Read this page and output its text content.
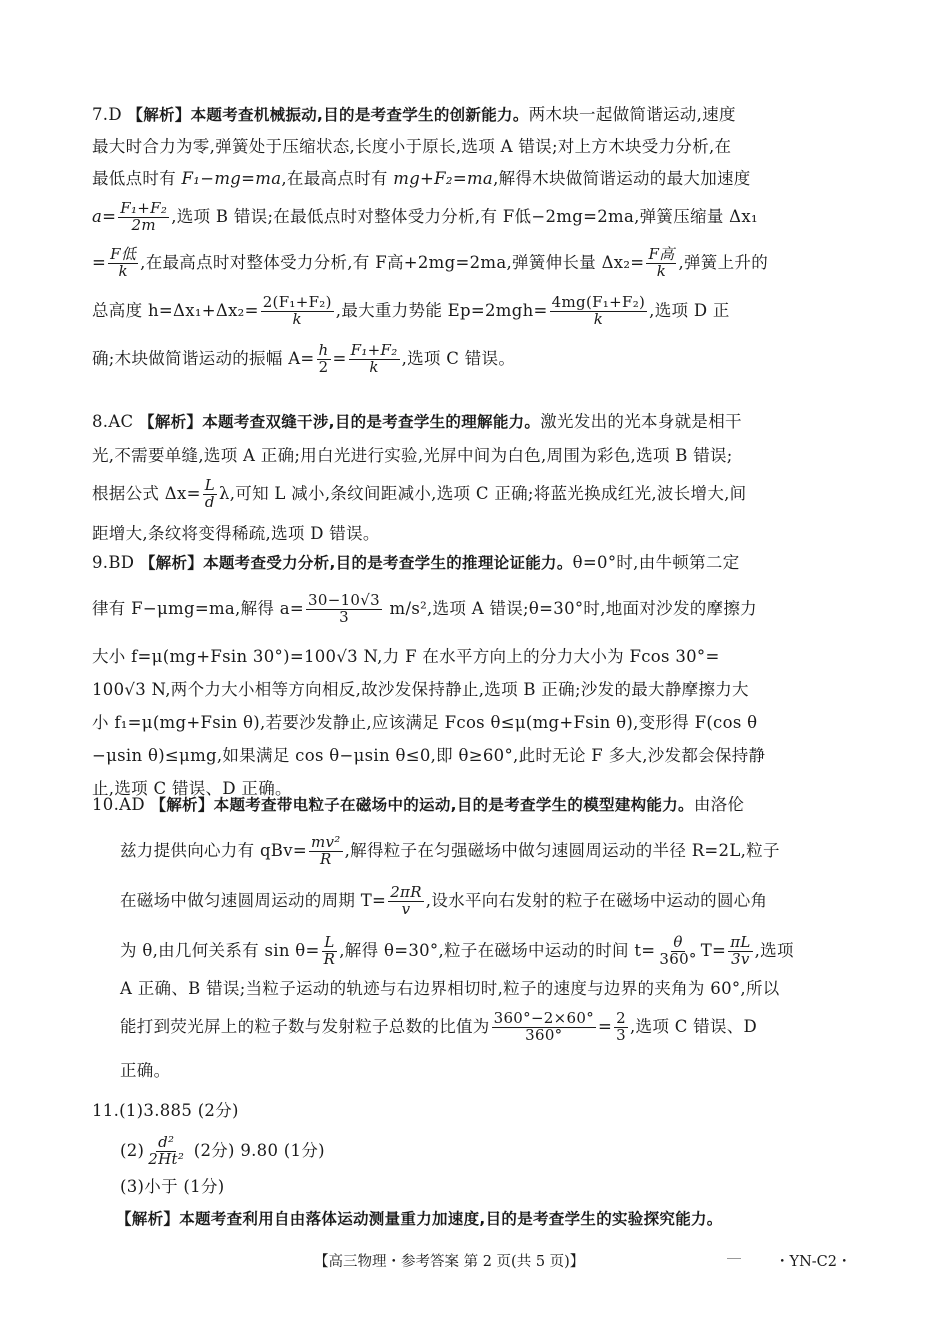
7.D 【解析】本题考查机械振动,目的是考查学生的创新能力。两木块一起做简谐运动,速度
最大时合力为零,弹簧处于压缩状态,长度小于原长,选项 A 错误;对上方木块受力分析,在
最低点时有 F₁−mg=ma,在最高点时有 mg+F₂=ma,解得木块做简谐运动的最大加速度
$a= \frac{\text{F₁+F₂}}{2m}$ ,选项 B 错误;在最低点时对整体受力分析,有 F低−2mg=2ma,弹簧压缩量 Δx₁
= $\frac{\text{F低}}{k}$ ,在最高点时对整体受力分析,有 F高+2mg=2ma,弹簧伸长量 $\Delta x_2= \frac{\text{F高}}{k}$ ,弹簧上升的
总高度 $h=\Delta x_1+\Delta x_2= \frac{\text{2(F₁+F₂)}}{k}$ ,最大重力势能 $Ep=2mgh= \frac{\text{4mg(F₁+F₂)}}{k}$ ,选项 D 正
确;木块做简谐运动的振幅 $A= \frac{h}{2} = \frac{\text{F₁+F₂}}{k}$ ,选项 C 错误。
8.AC 【解析】本题考查双缝干涉,目的是考查学生的理解能力。激光发出的光本身就是相干
光,不需要单缝,选项 A 正确;用白光进行实验,光屏中间为白色,周围为彩色,选项 B 错误;
根据公式 $\Delta x= \frac{L}{d} \lambda$,可知 L 减小,条纹间距减小,选项 C 正确;将蓝光换成红光,波长增大,间
距增大,条纹将变得稀疏,选项 D 错误。
9.BD 【解析】本题考查受力分析,目的是考查学生的推理论证能力。θ=0°时,由牛顿第二定
律有 F−μmg=ma,解得 $a= \frac{30-10√3}{3} m/s^2$,选项 A 错误;θ=30°时,地面对沙发的摩擦力
大小 f=μ(mg+Fsin 30°)=100√3 N,力 F 在水平方向上的分力大小为 Fcos 30°=
100√3 N,两个力大小相等方向相反,故沙发保持静止,选项 B 正确;沙发的最大静摩擦力大
小 f₁=μ(mg+Fsin θ),若要沙发静止,应该满足 Fcos θ≤μ(mg+Fsin θ),变形得 F(cos θ
−μsin θ)≤μmg,如果满足 cos θ−μsin θ≤0,即 θ≥60°,此时无论 F 多大,沙发都会保持静
止,选项 C 错误、D 正确。
10.AD 【解析】本题考查带电粒子在磁场中的运动,目的是考查学生的模型建构能力。由洛伦
兹力提供向心力有 $qBv= \frac{\text{mv²}}{R}$ ,解得粒子在匀强磁场中做匀速圆周运动的半径 R=2L,粒子
在磁场中做匀速圆周运动的周期 $T= \frac{2\pi R}{v}$ ,设水平向右发射的粒子在磁场中运动的圆心角
为 θ,由几何关系有 $\sin \theta= \frac{L}{R}$ ,解得 θ=30°,粒子在磁场中运动的时间 $t= \frac{\theta}{360^\circ} T= \frac{\pi L}{3v}$ ,选项
A 正确、B 错误;当粒子运动的轨迹与右边界相切时,粒子的速度与边界的夹角为 60°,所以
能打到荧光屏上的粒子数与发射粒子总数的比值为 $\frac{360^\circ-2\times 60^\circ}{360^\circ} = \frac{2}{3}$ ,选项 C 错误、D
正确。
11.(1)3.885 (2分)
$(2) \frac{\text{d²}}{\text{2Ht²}} (2$分) 9.80 (1分)
(3)小于 (1分)
【解析】本题考查利用自由落体运动测量重力加速度,目的是考查学生的实验探究能力。
【高三物理・参考答案 第 2 页(共 5 页)】	・YN-C2・
